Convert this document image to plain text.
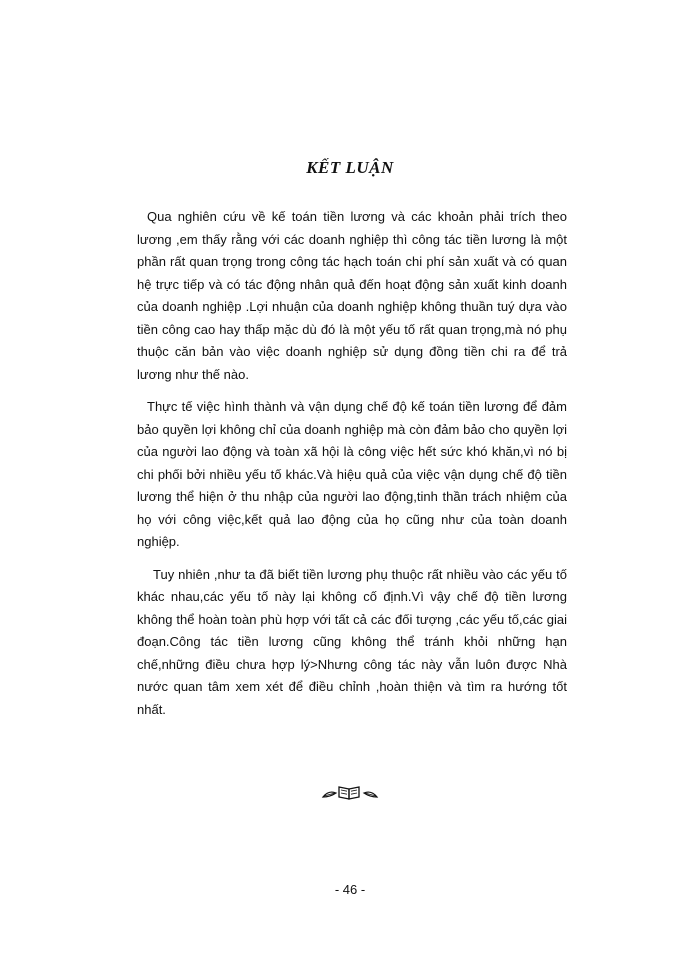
KẾT LUẬN

Qua nghiên cứu về kế toán tiền lương và các khoản phải trích theo lương ,em thấy rằng với các doanh nghiệp thì công tác tiền lương là một phần rất quan trọng trong công tác hạch toán chi phí sản xuất và có quan hệ trực tiếp và có tác động nhân quả đến hoạt động sản xuất kinh doanh của doanh nghiệp .Lợi nhuận của doanh nghiệp không thuần tuý dựa vào tiền công cao hay thấp mặc dù đó là một yếu tố rất quan trọng,mà nó phụ thuộc căn bản vào việc doanh nghiệp sử dụng đồng tiền chi ra để trả lương như thế nào.

Thực tế việc hình thành và vận dụng chế độ kế toán tiền lương để đảm bảo quyền lợi không chỉ của doanh nghiệp mà còn đảm bảo cho quyền lợi của người lao động và toàn xã hội là công việc hết sức khó khăn,vì nó bị chi phối bởi nhiều yếu tố khác.Và hiệu quả của việc vận dụng chế độ tiền lương thể hiện ở thu nhập của người lao động,tinh thần trách nhiệm của họ với công việc,kết quả lao động của họ cũng như của toàn doanh nghiệp.

Tuy nhiên ,như ta đã biết tiền lương phụ thuộc rất nhiều vào các yếu tố khác nhau,các yếu tố này lại không cố định.Vì vậy chế độ tiền lương không thể hoàn toàn phù hợp với tất cả các đối tượng ,các yếu tố,các giai đoạn.Công tác tiền lương cũng không thể tránh khỏi những hạn chế,những điều chưa hợp lý>Nhưng công tác này vẫn luôn được Nhà nước quan tâm xem xét để điều chỉnh ,hoàn thiện và tìm ra hướng tốt nhất.

- 46 -
